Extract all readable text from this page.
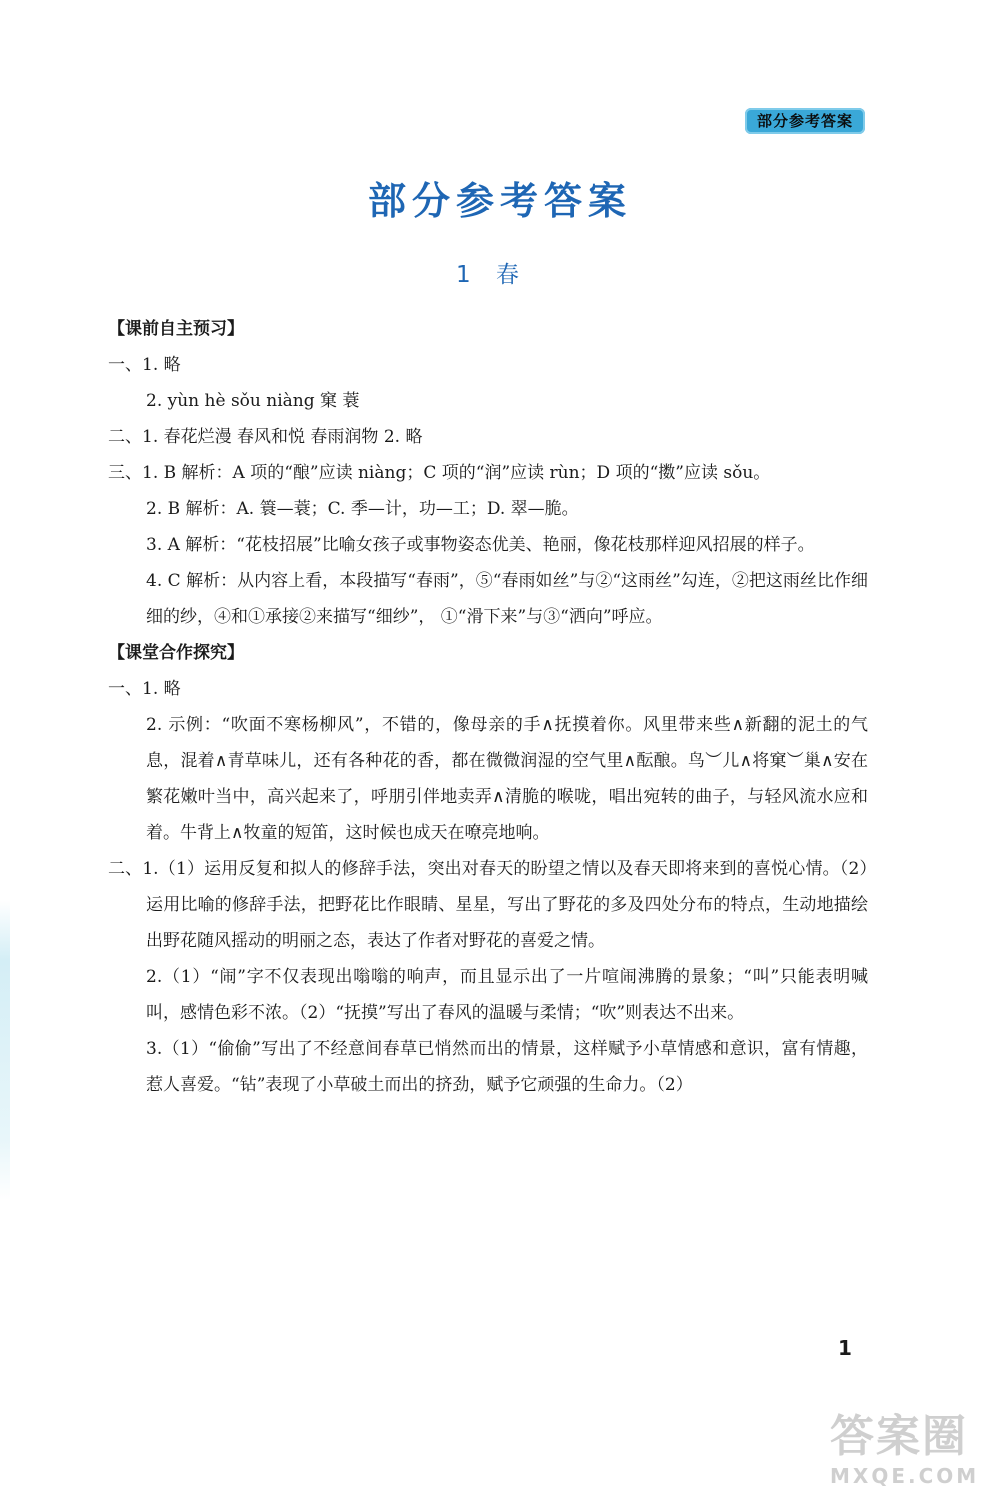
部分参考答案
部分参考答案
1 春
【课前自主预习】
一、1. 略
2. yùn hè sǒu niàng 窠 蓑
二、1. 春花烂漫 春风和悦 春雨润物 2. 略
三、1. B 解析：A 项的“酿”应读 niàng；C 项的“润”应读 rùn；D 项的“擞”应读 sǒu。
2. B 解析：A. 簑—蓑；C. 季—计，功—工；D. 翠—脆。
3. A 解析：“花枝招展”比喻女孩子或事物姿态优美、艳丽，像花枝那样迎风招展的样子。
4. C 解析：从内容上看，本段描写“春雨”，⑤“春雨如丝”与②“这雨丝”勾连，②把这雨丝比作细细的纱，④和①承接②来描写“细纱”， ①“滑下来”与③“洒向”呼应。
【课堂合作探究】
一、1. 略
2. 示例：“吹面不寒杨柳风”，不错的，像母亲的手∧抚摸着你。风里带来些∧新翻的泥土的气息，混着∧青草味儿，还有各种花的香，都在微微润湿的空气里∧酝酿。鸟︶儿∧将窠︶巢∧安在繁花嫩叶当中，高兴起来了，呼朋引伴地卖弄∧清脆的喉咙，唱出宛转的曲子，与轻风流水应和着。牛背上∧牧童的短笛，这时候也成天在嘹亮地响。
二、1.（1）运用反复和拟人的修辞手法，突出对春天的盼望之情以及春天即将来到的喜悦心情。（2）运用比喻的修辞手法，把野花比作眼睛、星星，写出了野花的多及四处分布的特点，生动地描绘出野花随风摇动的明丽之态，表达了作者对野花的喜爱之情。
2.（1）“闹”字不仅表现出嗡嗡的响声，而且显示出了一片喧闹沸腾的景象；“叫”只能表明喊叫，感情色彩不浓。（2）“抚摸”写出了春风的温暖与柔情；“吹”则表达不出来。
3.（1）“偷偷”写出了不经意间春草已悄然而出的情景，这样赋予小草情感和意识，富有情趣，惹人喜爱。“钻”表现了小草破土而出的挤劲，赋予它顽强的生命力。（2）
1
答案圈
MXQE.COM
